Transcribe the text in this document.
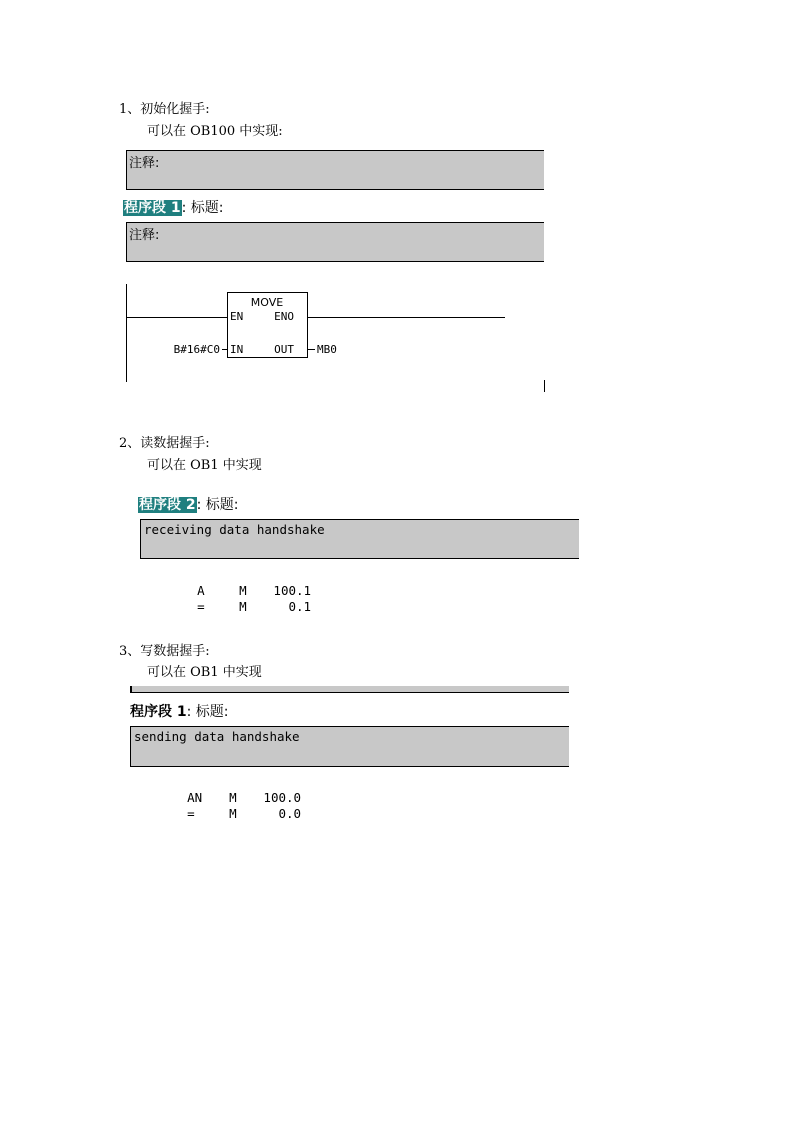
1、初始化握手:
可以在 OB100 中实现:
注释:
程序段 1: 标题:
注释:
MOVE
EN	ENO
IN	OUT
B#16#C0	MB0
2、读数据握手:
可以在 OB1 中实现
程序段 2: 标题:
receiving data handshake

A	M 100.1

=	M	0.1

3、写数据握手:
可以在 OB1 中实现
程序段 1: 标题:
sending data handshake

AN M 100.0

=	M	0.0
